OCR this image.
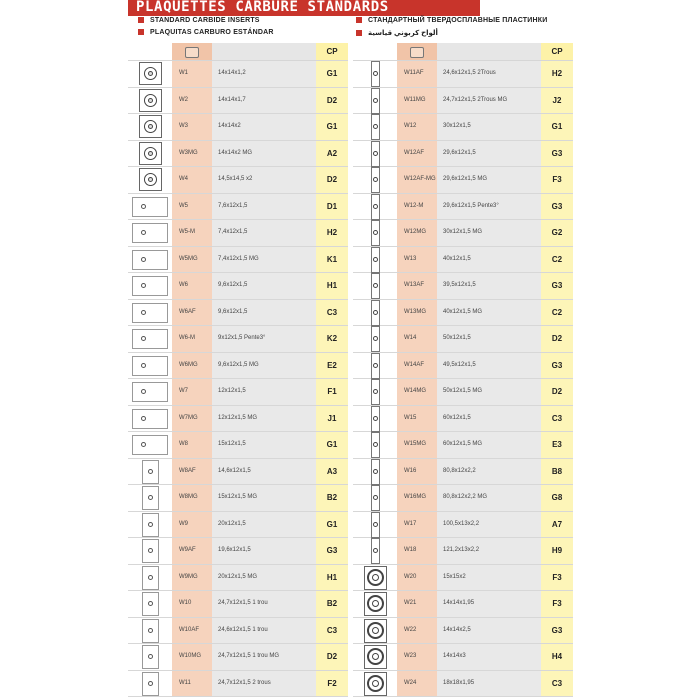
PLAQUETTES CARBURE STANDARDS
STANDARD CARBIDE INSERTS
PLAQUITAS CARBURO ESTÁNDAR
СТАНДАРТНЫЙ ТВЕРДОСПЛАВНЫЕ ПЛАСТИНКИ
ألواح كربوني قياسية
CP
W1	14x14x1,2	G1
W2	14x14x1,7	D2
W3	14x14x2	G1
W3MG	14x14x2 MG	A2
W4	14,5x14,5 x2	D2
W5	7,6x12x1,5	D1
W5-M	7,4x12x1,5	H2
W5MG	7,4x12x1,5 MG	K1
W6	9,6x12x1,5	H1
W6AF	9,6x12x1,5	C3
W6-M	9x12x1,5 Pente3°	K2
W6MG	9,6x12x1,5 MG	E2
W7	12x12x1,5	F1
W7MG	12x12x1,5 MG	J1
W8	15x12x1,5	G1
W8AF	14,6x12x1,5	A3
W8MG	15x12x1,5 MG	B2
W9	20x12x1,5	G1
W9AF	19,6x12x1,5	G3
W9MG	20x12x1,5 MG	H1
W10	24,7x12x1,5 1 trou	B2
W10AF	24,6x12x1,5 1 trou	C3
W10MG	24,7x12x1,5 1 trou MG	D2
W11	24,7x12x1,5 2 trous	F2
CP
W11AF	24,6x12x1,5 2Trous	H2
W11MG	24,7x12x1,5 2Trous MG	J2
W12	30x12x1,5	G1
W12AF	29,6x12x1,5	G3
W12AF-MG	29,6x12x1,5 MG	F3
W12-M	29,6x12x1,5 Pente3°	G3
W12MG	30x12x1,5 MG	G2
W13	40x12x1,5	C2
W13AF	39,5x12x1,5	G3
W13MG	40x12x1,5 MG	C2
W14	50x12x1,5	D2
W14AF	49,5x12x1,5	G3
W14MG	50x12x1,5 MG	D2
W15	60x12x1,5	C3
W15MG	60x12x1,5 MG	E3
W16	80,8x12x2,2	B8
W16MG	80,8x12x2,2 MG	G8
W17	100,5x13x2,2	A7
W18	121,2x13x2,2	H9
W20	15x15x2	F3
W21	14x14x1,95	F3
W22	14x14x2,5	G3
W23	14x14x3	H4
W24	18x18x1,95	C3
